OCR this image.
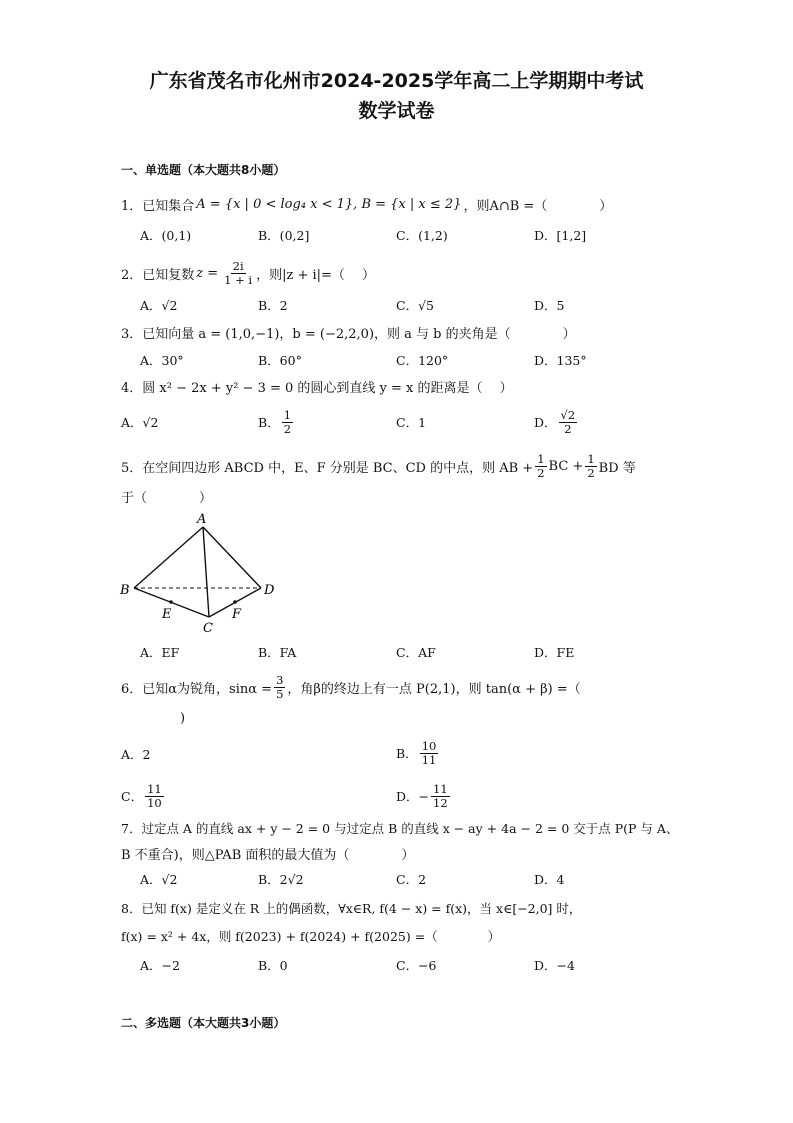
广东省茂名市化州市2024-2025学年高二上学期期中考试
数学试卷
一、单选题（本大题共8小题）
1．已知集合 A = {x | 0 < log₄ x < 1}, B = {x | x ≤ 2} ，则A∩B =（　　　　）
A．(0,1)	B．(0,2]	C．(1,2)	D．[1,2]
2．已知复数 $z = \frac{2i}{1 + i}$ ，则|z + i|=（　 ）
A．√2	B．2	C．√5	D．5
3．已知向量 a = (1,0,−1)，b = (−2,2,0)，则 a 与 b 的夹角是（　　　　）
A．30°	B．60°	C．120°	D．135°
4．圆 x² − 2x + y² − 3 = 0 的圆心到直线 y = x 的距离是（　 ）
A．√2	B． $\frac{1}{2}$	C．1	D． $\frac{√2}{2}$
5．在空间四边形 ABCD 中，E、F 分别是 BC、CD 的中点，则 AB + $\frac{1}{2}$ BC + $\frac{1}{2}$ BD 等
于（　　　　）
A
B	D
C
E	F
A．EF	B．FA	C．AF	D．FE
6．已知α为锐角，$\sin\alpha = \frac{3}{5}$ ，角β的终边上有一点 P(2,1)，则 tan(α + β) =（
)
A．2	B． $\frac{10}{11}$
C． $\frac{11}{10}$	D．− $\frac{11}{12}$
7．过定点 A 的直线 ax + y − 2 = 0 与过定点 B 的直线 x − ay + 4a − 2 = 0 交于点 P(P 与 A、
B 不重合)，则△PAB 面积的最大值为（　　　　）
A．√2	B．2√2	C．2	D．4
8．已知 f(x) 是定义在 R 上的偶函数，∀x∈R, f(4 − x) = f(x)，当 x∈[−2,0] 时，
f(x) = x² + 4x，则 f(2023) + f(2024) + f(2025) =（　　　　）
A．−2	B．0	C．−6	D．−4
二、多选题（本大题共3小题）
